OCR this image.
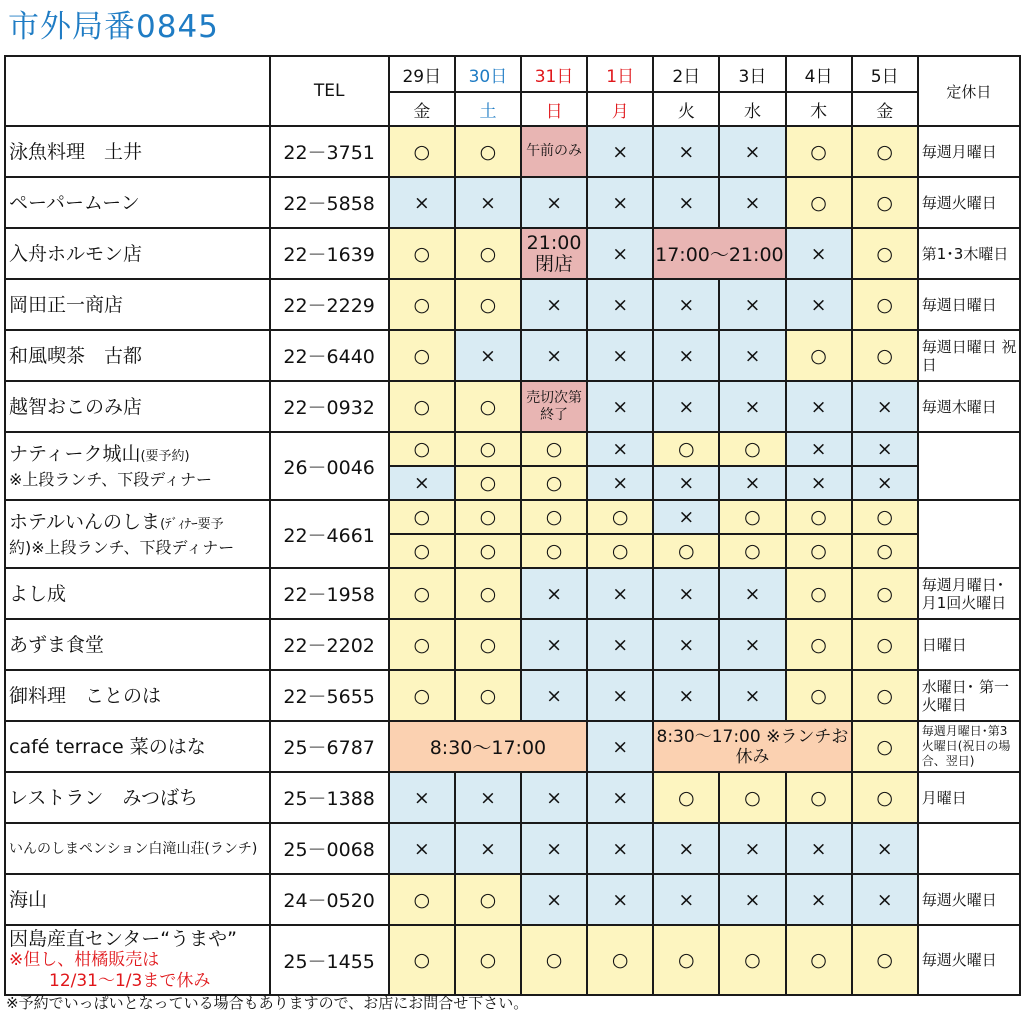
市外局番0845
	TEL	29日	30日	31日	1日	2日	3日	4日	5日	定休日
		金	土	日	月	火	水	木	金	
泳魚料理　土井	22－3751	○	○	午前のみ	×	×	×	○	○	毎週月曜日
ペーパームーン	22－5858	×	×	×	×	×	×	○	○	毎週火曜日
入舟ホルモン店	22－1639	○	○	21:00 閉店	×	17:00～21:00		×	○	第1･3木曜日
岡田正一商店	22－2229	○	○	×	×	×	×	×	○	毎週日曜日
和風喫茶　古都	22－6440	○	×	×	×	×	×	○	○	毎週日曜日 祝日
越智おこのみ店	22－0932	○	○	売切次第 終了	×	×	×	×	×	毎週木曜日
ナティーク城山(要予約)
※上段ランチ、下段ディナー	26－0046	○	○	○	×	○	○	×	×	
		×	○	○	×	×	×	×	×	
ホテルいんのしま(ﾃﾞｨﾅｰ要予
約)※上段ランチ、下段ディナー	22－4661	○	○	○	○	×	○	○	○	
		○	○	○	○	○	○	○	○	
よし成	22－1958	○	○	×	×	×	×	○	○	毎週月曜日･ 月1回火曜日
あずま食堂	22－2202	○	○	×	×	×	×	○	○	日曜日
御料理　ことのは	22－5655	○	○	×	×	×	×	○	○	水曜日･ 第一火曜日
café terrace 菜のはな	25－6787	8:30～17:00			×	8:30～17:00 ※ランチお休み			○	毎週月曜日･第3火曜日(祝日の場合、翌日)
レストラン　みつばち	25－1388	×	×	×	×	○	○	○	○	月曜日
いんのしまペンション白滝山荘(ランチ)	25－0068	×	×	×	×	×	×	×	×	
海山	24－0520	○	○	×	×	×	×	×	×	毎週火曜日
因島産直センター“うまや”
※但し、柑橘販売は
12/31～1/3まで休み	25－1455	○	○	○	○	○	○	○	○	毎週火曜日
※予約でいっぱいとなっている場合もありますので、お店にお問合せ下さい。
